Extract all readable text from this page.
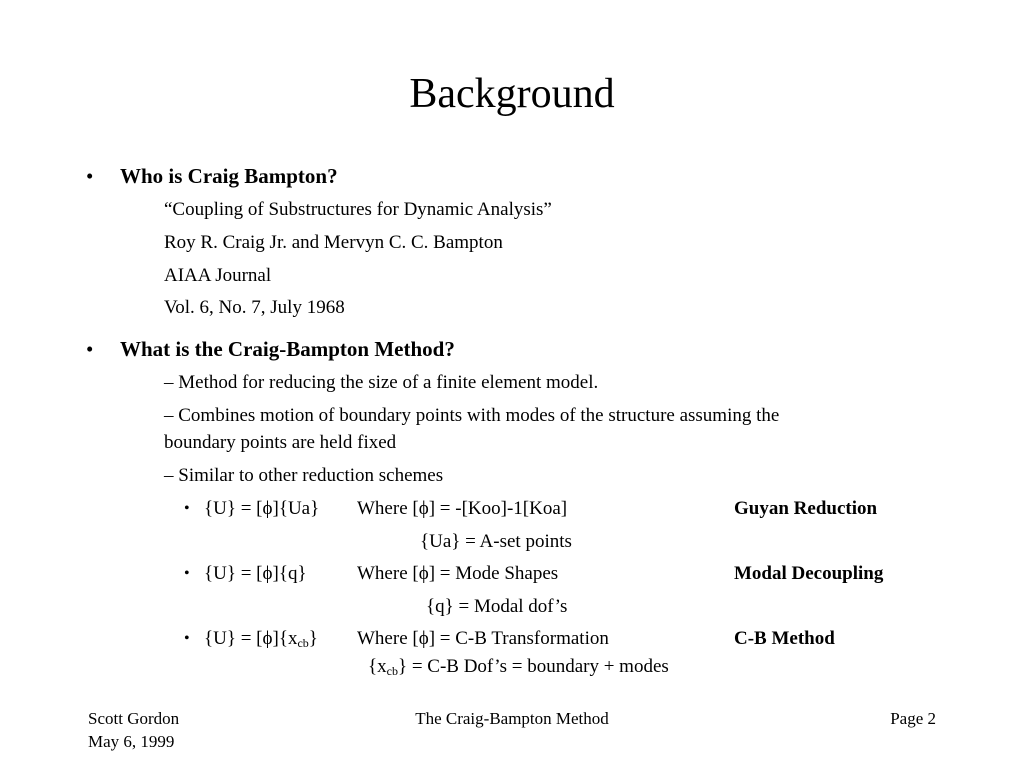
Background
• Who is Craig Bampton?
“Coupling of Substructures for Dynamic Analysis”
Roy R. Craig Jr. and Mervyn C. C. Bampton
AIAA Journal
Vol. 6, No. 7, July 1968
• What is the Craig-Bampton Method?
– Method for reducing the size of a finite element model.
– Combines motion of boundary points with modes of the structure assuming the
boundary points are held fixed
– Similar to other reduction schemes
• {U} = [ϕ]{Ua} Where [ϕ] = -[Koo]-1[Koa]	Guyan Reduction
{Ua} = A-set points
• {U} = [ϕ]{q}	Where [ϕ] = Mode Shapes	Modal Decoupling
{q} = Modal dof’s
• $\{U\} = [\phi]\{x_{cb}\}$ Where [ϕ] = C-B Transformation	C-B Method
$\{x_{cb}\} = C-B$ Dof’s = boundary + modes
Scott Gordon
May 6, 1999
The Craig-Bampton Method	Page 2
